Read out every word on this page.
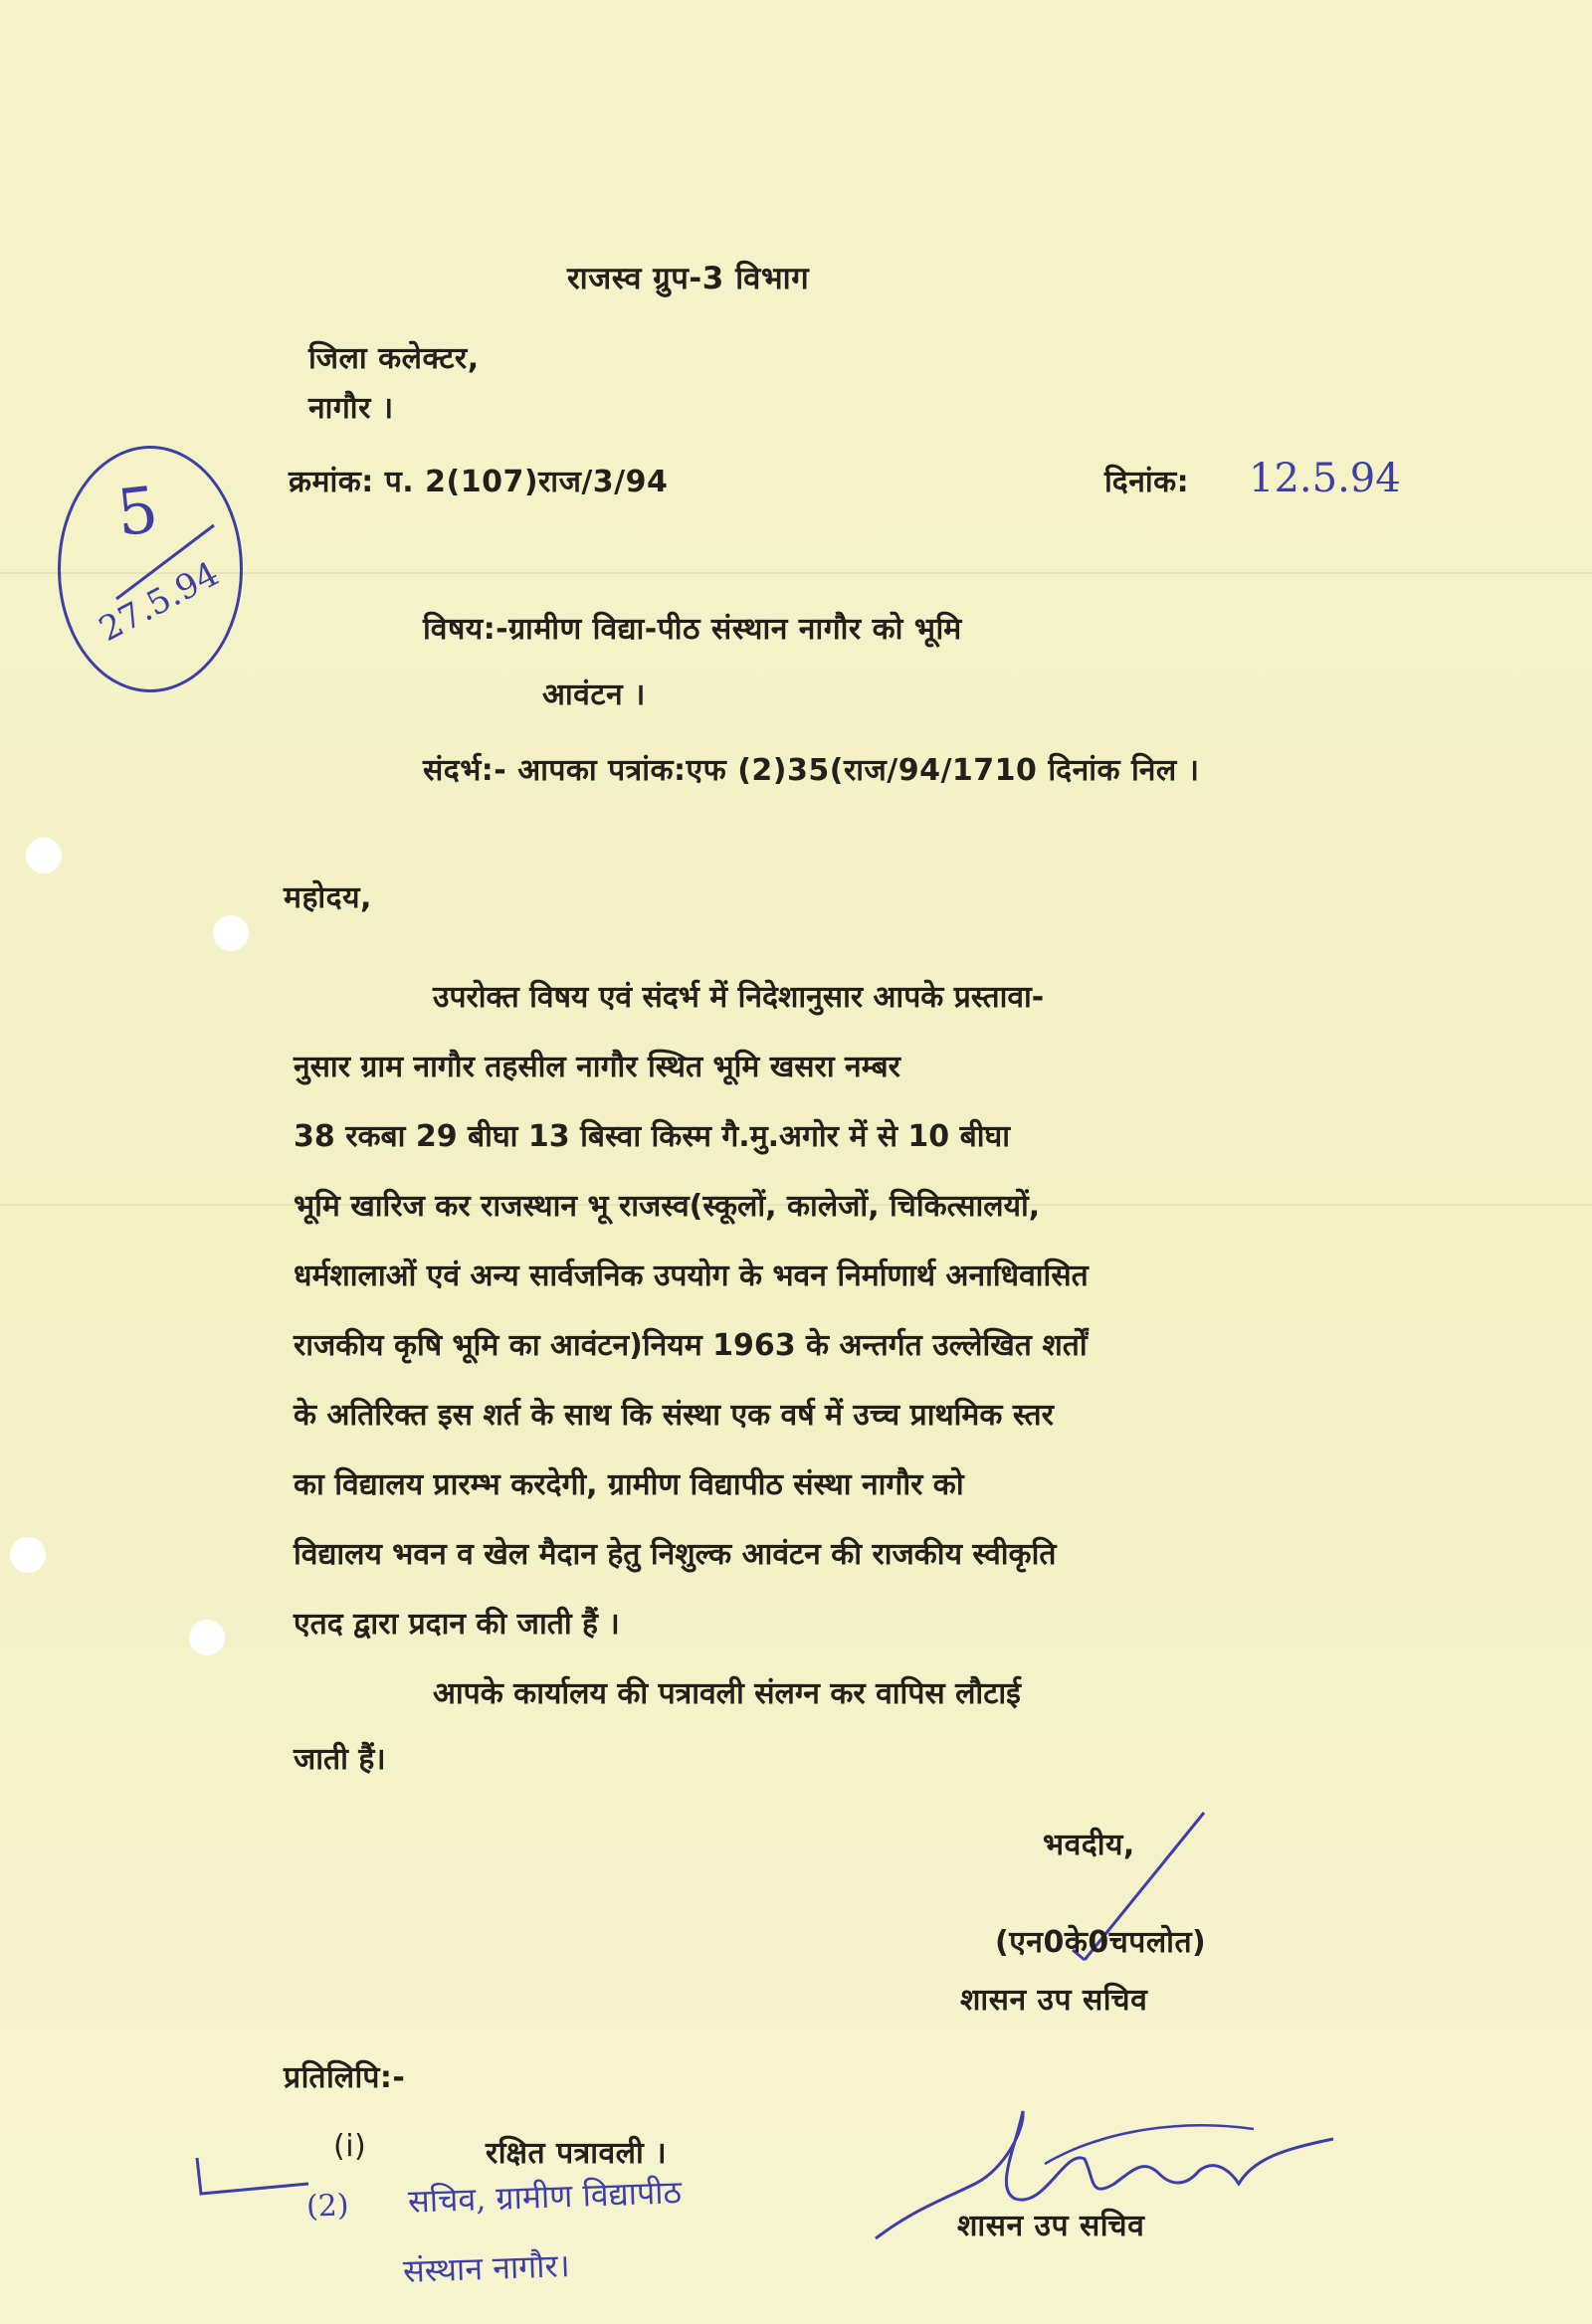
राजस्व ग्रुप-3 विभाग
जिला कलेक्टर,
नागौर ।
क्रमांक: प. 2(107)राज/3/94	दिनांक: 12.5.94
5
27.5.94	विषय:-ग्रामीण विद्या-पीठ संस्थान नागौर को भूमि
आवंटन ।
संदर्भ:- आपका पत्रांक:एफ (2)35(राज/94/1710 दिनांक निल ।
महोदय,
उपरोक्त विषय एवं संदर्भ में निदेशानुसार आपके प्रस्तावा-
नुसार ग्राम नागौर तहसील नागौर स्थित भूमि खसरा नम्बर
38 रकबा 29 बीघा 13 बिस्वा किस्म गै.मु.अगोर में से 10 बीघा
भूमि खारिज कर राजस्थान भू राजस्व(स्कूलों, कालेजों, चिकित्सालयों,
धर्मशालाओं एवं अन्य सार्वजनिक उपयोग के भवन निर्माणार्थ अनाधिवासित
राजकीय कृषि भूमि का आवंटन)नियम 1963 के अन्तर्गत उल्लेखित शर्तों
के अतिरिक्त इस शर्त के साथ कि संस्था एक वर्ष में उच्च प्राथमिक स्तर
का विद्यालय प्रारम्भ करदेगी, ग्रामीण विद्यापीठ संस्था नागौर को
विद्यालय भवन व खेल मैदान हेतु निशुल्क आवंटन की राजकीय स्वीकृति
एतद द्वारा प्रदान की जाती हैं ।
आपके कार्यालय की पत्रावली संलग्न कर वापिस लौटाई
जाती हैं।
भवदीय,
(एन0के0चपलोत)
शासन उप सचिव
प्रतिलिपि:-
(i)	रक्षित पत्रावली ।
(2) सचिव, ग्रामीण विद्यापीठ
संस्थान नागौर।
शासन उप सचिव
